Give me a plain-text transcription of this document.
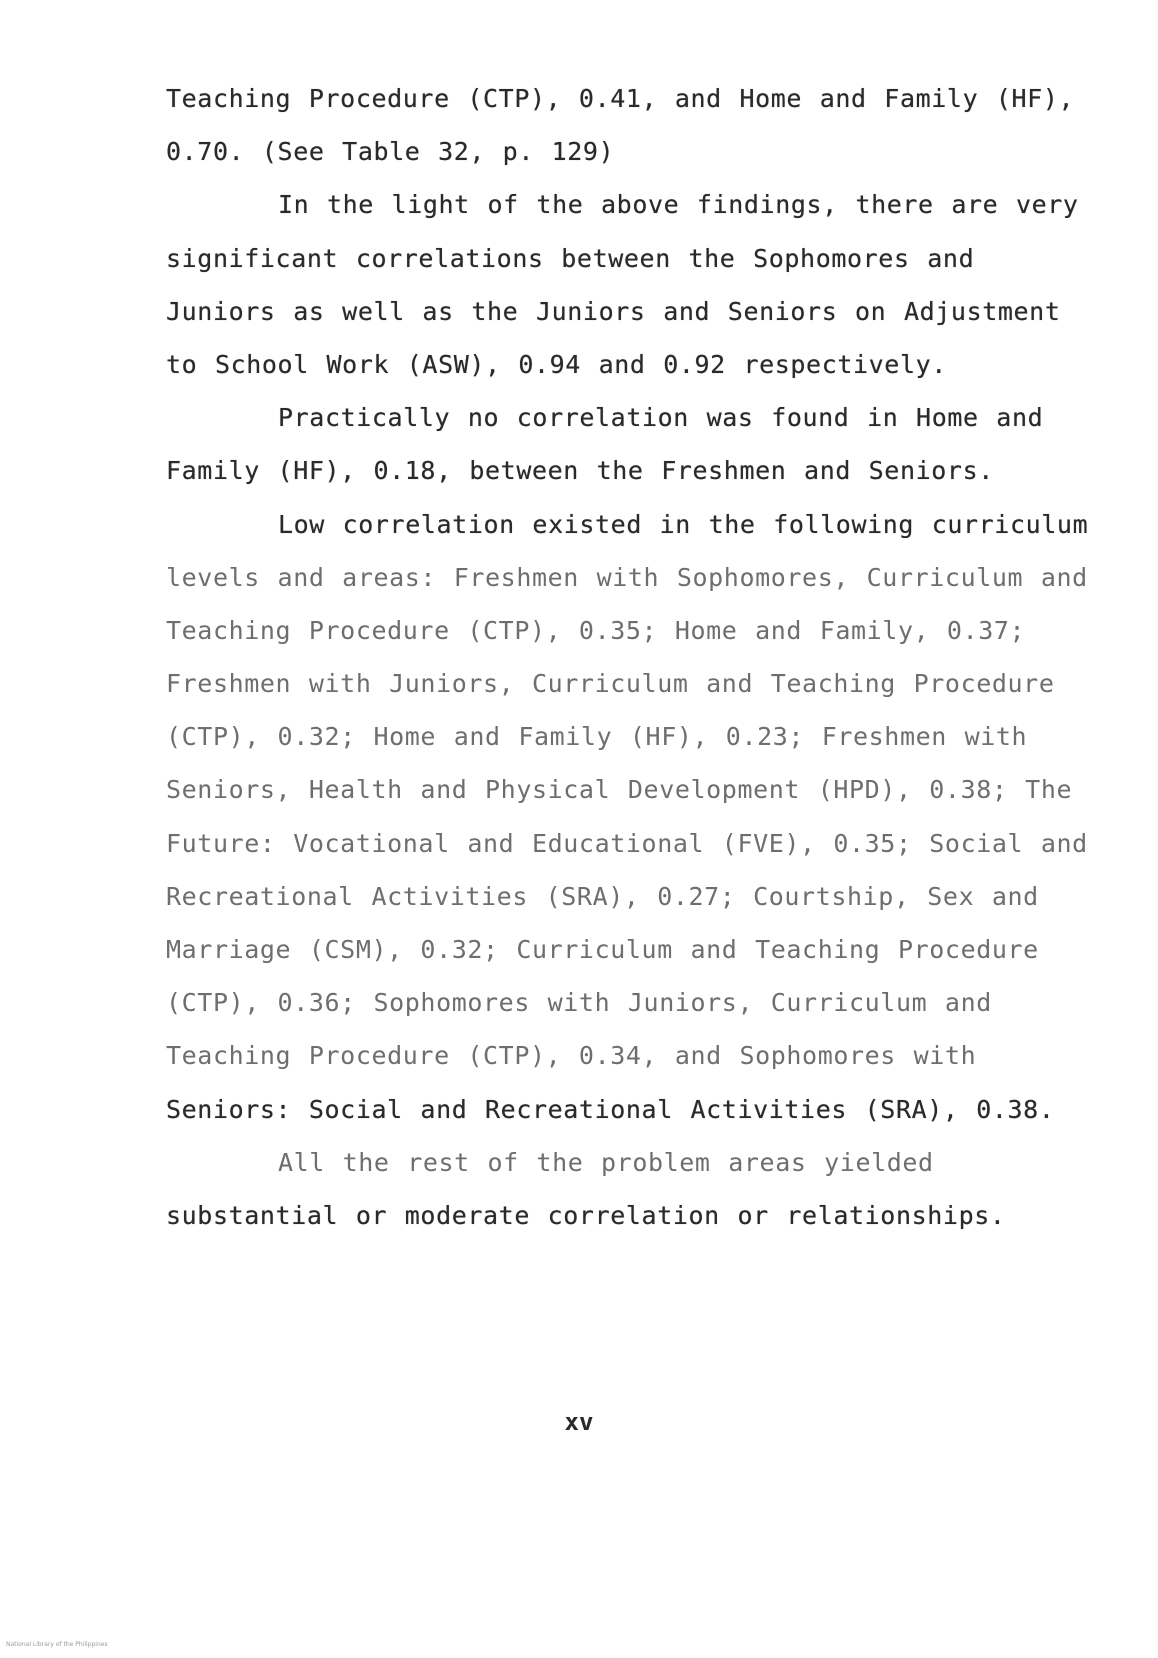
Teaching Procedure (CTP), 0.41, and Home and Family (HF),
0.70. (See Table 32, p. 129)
In the light of the above findings, there are very
significant correlations between the Sophomores and
Juniors as well as the Juniors and Seniors on Adjustment
to School Work (ASW), 0.94 and 0.92 respectively.
Practically no correlation was found in Home and
Family (HF), 0.18, between the Freshmen and Seniors.
Low correlation existed in the following curriculum
levels and areas: Freshmen with Sophomores, Curriculum and
Teaching Procedure (CTP), 0.35; Home and Family, 0.37;
Freshmen with Juniors, Curriculum and Teaching Procedure
(CTP), 0.32; Home and Family (HF), 0.23; Freshmen with
Seniors, Health and Physical Development (HPD), 0.38; The
Future: Vocational and Educational (FVE), 0.35; Social and
Recreational Activities (SRA), 0.27; Courtship, Sex and
Marriage (CSM), 0.32; Curriculum and Teaching Procedure
(CTP), 0.36; Sophomores with Juniors, Curriculum and
Teaching Procedure (CTP), 0.34, and Sophomores with
Seniors: Social and Recreational Activities (SRA), 0.38.
All the rest of the problem areas yielded
substantial or moderate correlation or relationships.
xv
National Library of the Philippines
